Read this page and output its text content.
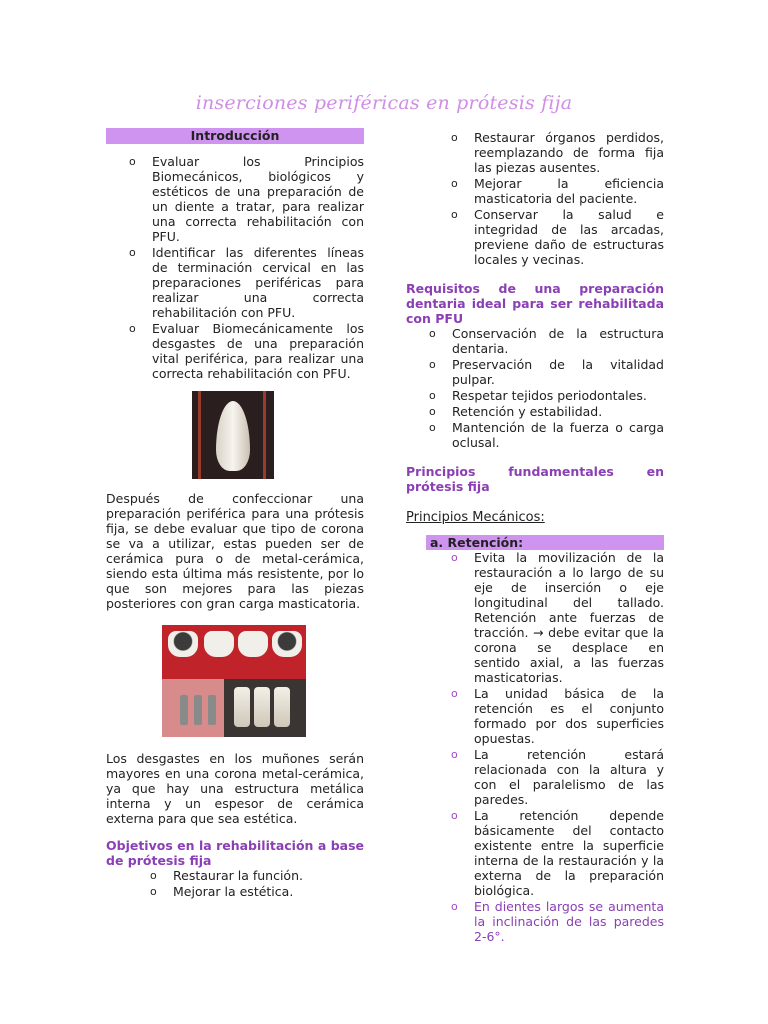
inserciones periféricas en prótesis fija
Introducción
o Evaluar los Principios Biomecánicos, biológicos y estéticos de una preparación de un diente a tratar, para realizar una correcta rehabilitación con PFU.
o Identificar las diferentes líneas de terminación cervical en las preparaciones periféricas para realizar una correcta rehabilitación con PFU.
o Evaluar Biomecánicamente los desgastes de una preparación vital periférica, para realizar una correcta rehabilitación con PFU.

Después de confeccionar una preparación periférica para una prótesis fija, se debe evaluar que tipo de corona se va a utilizar, estas pueden ser de cerámica pura o de metal-cerámica, siendo esta última más resistente, por lo que son mejores para las piezas posteriores con gran carga masticatoria.

Los desgastes en los muñones serán mayores en una corona metal-cerámica, ya que hay una estructura metálica interna y un espesor de cerámica externa para que sea estética.

Objetivos en la rehabilitación a base de prótesis fija
o Restaurar la función.
o Mejorar la estética.
o Restaurar órganos perdidos, reemplazando de forma fija las piezas ausentes.
o Mejorar la eficiencia masticatoria del paciente.
o Conservar la salud e integridad de las arcadas, previene daño de estructuras locales y vecinas.
Requisitos de una preparación dentaria ideal para ser rehabilitada con PFU
o Conservación de la estructura dentaria.
o Preservación de la vitalidad pulpar.
o Respetar tejidos periodontales.
o Retención y estabilidad.
o Mantención de la fuerza o carga oclusal.
Principios fundamentales en prótesis fija
Principios Mecánicos:
a. Retención:
o Evita la movilización de la restauración a lo largo de su eje de inserción o eje longitudinal del tallado. Retención ante fuerzas de tracción. → debe evitar que la corona se desplace en sentido axial, a las fuerzas masticatorias.
o La unidad básica de la retención es el conjunto formado por dos superficies opuestas.
o La retención estará relacionada con la altura y con el paralelismo de las paredes.
o La retención depende básicamente del contacto existente entre la superficie interna de la restauración y la externa de la preparación biológica.
o En dientes largos se aumenta la inclinación de las paredes 2-6°.
